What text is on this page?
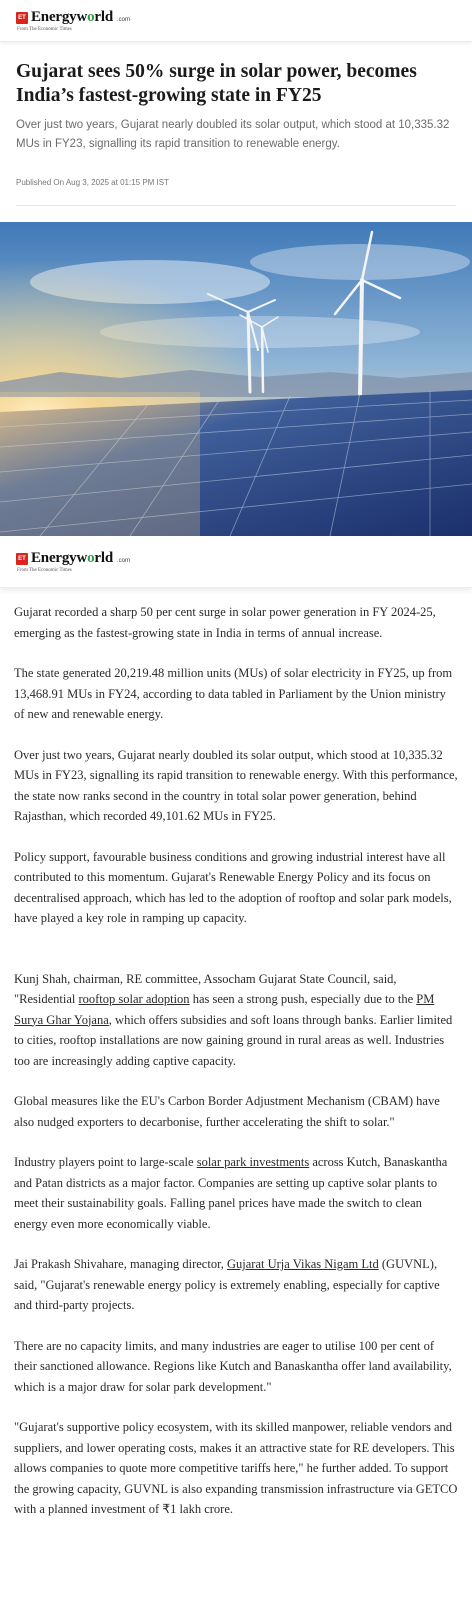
ET Energyworld .com
From The Economic Times
Gujarat sees 50% surge in solar power, becomes India’s fastest-growing state in FY25

Over just two years, Gujarat nearly doubled its solar output, which stood at 10,335.32 MUs in FY23, signalling its rapid transition to renewable energy.

Published On Aug 3, 2025 at 01:15 PM IST

ET Energyworld .com
From The Economic Times

Gujarat recorded a sharp 50 per cent surge in solar power generation in FY 2024-25, emerging as the fastest-growing state in India in terms of annual increase.

The state generated 20,219.48 million units (MUs) of solar electricity in FY25, up from 13,468.91 MUs in FY24, according to data tabled in Parliament by the Union ministry of new and renewable energy.

Over just two years, Gujarat nearly doubled its solar output, which stood at 10,335.32 MUs in FY23, signalling its rapid transition to renewable energy. With this performance, the state now ranks second in the country in total solar power generation, behind Rajasthan, which recorded 49,101.62 MUs in FY25.

Policy support, favourable business conditions and growing industrial interest have all contributed to this momentum. Gujarat's Renewable Energy Policy and its focus on decentralised approach, which has led to the adoption of rooftop and solar park models, have played a key role in ramping up capacity.

Kunj Shah, chairman, RE committee, Assocham Gujarat State Council, said, "Residential rooftop solar adoption has seen a strong push, especially due to the PM Surya Ghar Yojana, which offers subsidies and soft loans through banks. Earlier limited to cities, rooftop installations are now gaining ground in rural areas as well. Industries too are increasingly adding captive capacity.

Global measures like the EU's Carbon Border Adjustment Mechanism (CBAM) have also nudged exporters to decarbonise, further accelerating the shift to solar."

Industry players point to large-scale solar park investments across Kutch, Banaskantha and Patan districts as a major factor. Companies are setting up captive solar plants to meet their sustainability goals. Falling panel prices have made the switch to clean energy even more economically viable.

Jai Prakash Shivahare, managing director, Gujarat Urja Vikas Nigam Ltd (GUVNL), said, "Gujarat's renewable energy policy is extremely enabling, especially for captive and third-party projects.

There are no capacity limits, and many industries are eager to utilise 100 per cent of their sanctioned allowance. Regions like Kutch and Banaskantha offer land availability, which is a major draw for solar park development."

"Gujarat's supportive policy ecosystem, with its skilled manpower, reliable vendors and suppliers, and lower operating costs, makes it an attractive state for RE developers. This allows companies to quote more competitive tariffs here," he further added. To support the growing capacity, GUVNL is also expanding transmission infrastructure via GETCO with a planned investment of ₹1 lakh crore.
